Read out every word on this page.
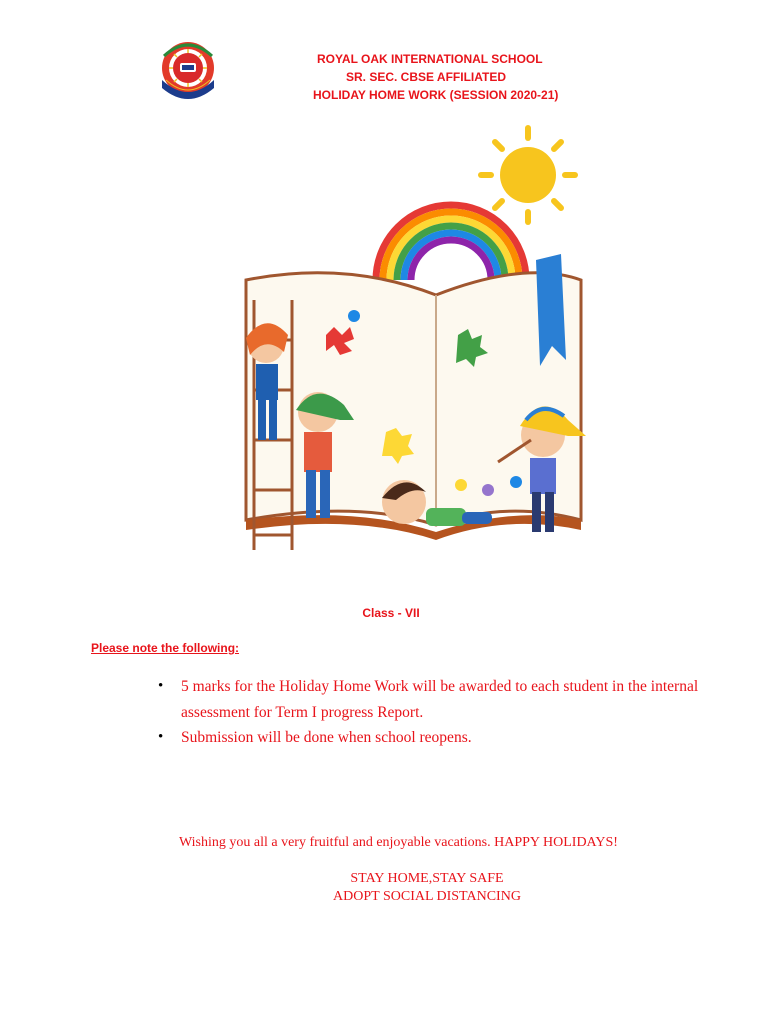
ROYAL OAK INTERNATIONAL SCHOOL
SR. SEC. CBSE AFFILIATED
HOLIDAY HOME WORK (SESSION 2020-21)
Class - VII
Please note the following:
• 5 marks for the Holiday Home Work will be awarded to each student in the internal assessment for Term I progress Report.
• Submission will be done when school reopens.
Wishing you all a very fruitful and enjoyable vacations. HAPPY HOLIDAYS!
STAY HOME,STAY SAFE
ADOPT SOCIAL DISTANCING
